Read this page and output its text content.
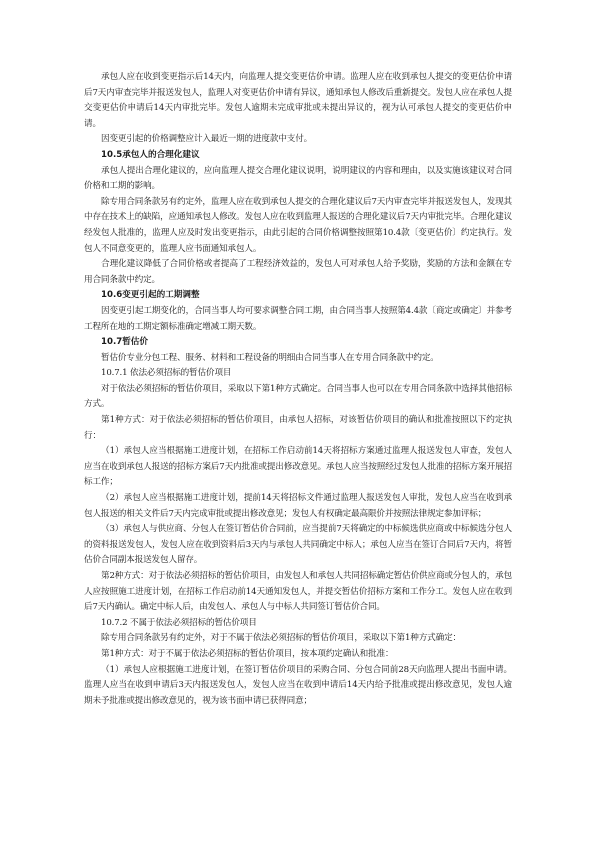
承包人应在收到变更指示后14天内，向监理人提交变更估价申请。监理人应在收到承包人提交的变更估价申请后7天内审查完毕并报送发包人，监理人对变更估价申请有异议，通知承包人修改后重新提交。发包人应在承包人提交变更估价申请后14天内审批完毕。发包人逾期未完成审批或未提出异议的，视为认可承包人提交的变更估价申请。

因变更引起的价格调整应计入最近一期的进度款中支付。

10.5承包人的合理化建议

承包人提出合理化建议的，应向监理人提交合理化建议说明，说明建议的内容和理由，以及实施该建议对合同价格和工期的影响。

除专用合同条款另有约定外，监理人应在收到承包人提交的合理化建议后7天内审查完毕并报送发包人，发现其中存在技术上的缺陷，应通知承包人修改。发包人应在收到监理人报送的合理化建议后7天内审批完毕。合理化建议经发包人批准的，监理人应及时发出变更指示，由此引起的合同价格调整按照第10.4款〔变更估价〕约定执行。发包人不同意变更的，监理人应书面通知承包人。

合理化建议降低了合同价格或者提高了工程经济效益的，发包人可对承包人给予奖励，奖励的方法和金额在专用合同条款中约定。

10.6变更引起的工期调整

因变更引起工期变化的，合同当事人均可要求调整合同工期，由合同当事人按照第4.4款〔商定或确定〕并参考工程所在地的工期定额标准确定增减工期天数。

10.7暂估价

暂估价专业分包工程、服务、材料和工程设备的明细由合同当事人在专用合同条款中约定。

10.7.1 依法必须招标的暂估价项目

对于依法必须招标的暂估价项目，采取以下第1种方式确定。合同当事人也可以在专用合同条款中选择其他招标方式。

第1种方式：对于依法必须招标的暂估价项目，由承包人招标，对该暂估价项目的确认和批准按照以下约定执行：

（1）承包人应当根据施工进度计划，在招标工作启动前14天将招标方案通过监理人报送发包人审查，发包人应当在收到承包人报送的招标方案后7天内批准或提出修改意见。承包人应当按照经过发包人批准的招标方案开展招标工作；

（2）承包人应当根据施工进度计划，提前14天将招标文件通过监理人报送发包人审批，发包人应当在收到承包人报送的相关文件后7天内完成审批或提出修改意见；发包人有权确定最高限价并按照法律规定参加评标；

（3）承包人与供应商、分包人在签订暂估价合同前，应当提前7天将确定的中标候选供应商或中标候选分包人的资料报送发包人，发包人应在收到资料后3天内与承包人共同确定中标人；承包人应当在签订合同后7天内，将暂估价合同副本报送发包人留存。

第2种方式：对于依法必须招标的暂估价项目，由发包人和承包人共同招标确定暂估价供应商或分包人的，承包人应按照施工进度计划，在招标工作启动前14天通知发包人，并提交暂估价招标方案和工作分工。发包人应在收到后7天内确认。确定中标人后，由发包人、承包人与中标人共同签订暂估价合同。

10.7.2 不属于依法必须招标的暂估价项目

除专用合同条款另有约定外，对于不属于依法必须招标的暂估价项目，采取以下第1种方式确定：

第1种方式：对于不属于依法必须招标的暂估价项目，按本项约定确认和批准：

（1）承包人应根据施工进度计划，在签订暂估价项目的采购合同、分包合同前28天向监理人提出书面申请。监理人应当在收到申请后3天内报送发包人，发包人应当在收到申请后14天内给予批准或提出修改意见，发包人逾期未予批准或提出修改意见的，视为该书面申请已获得同意；
